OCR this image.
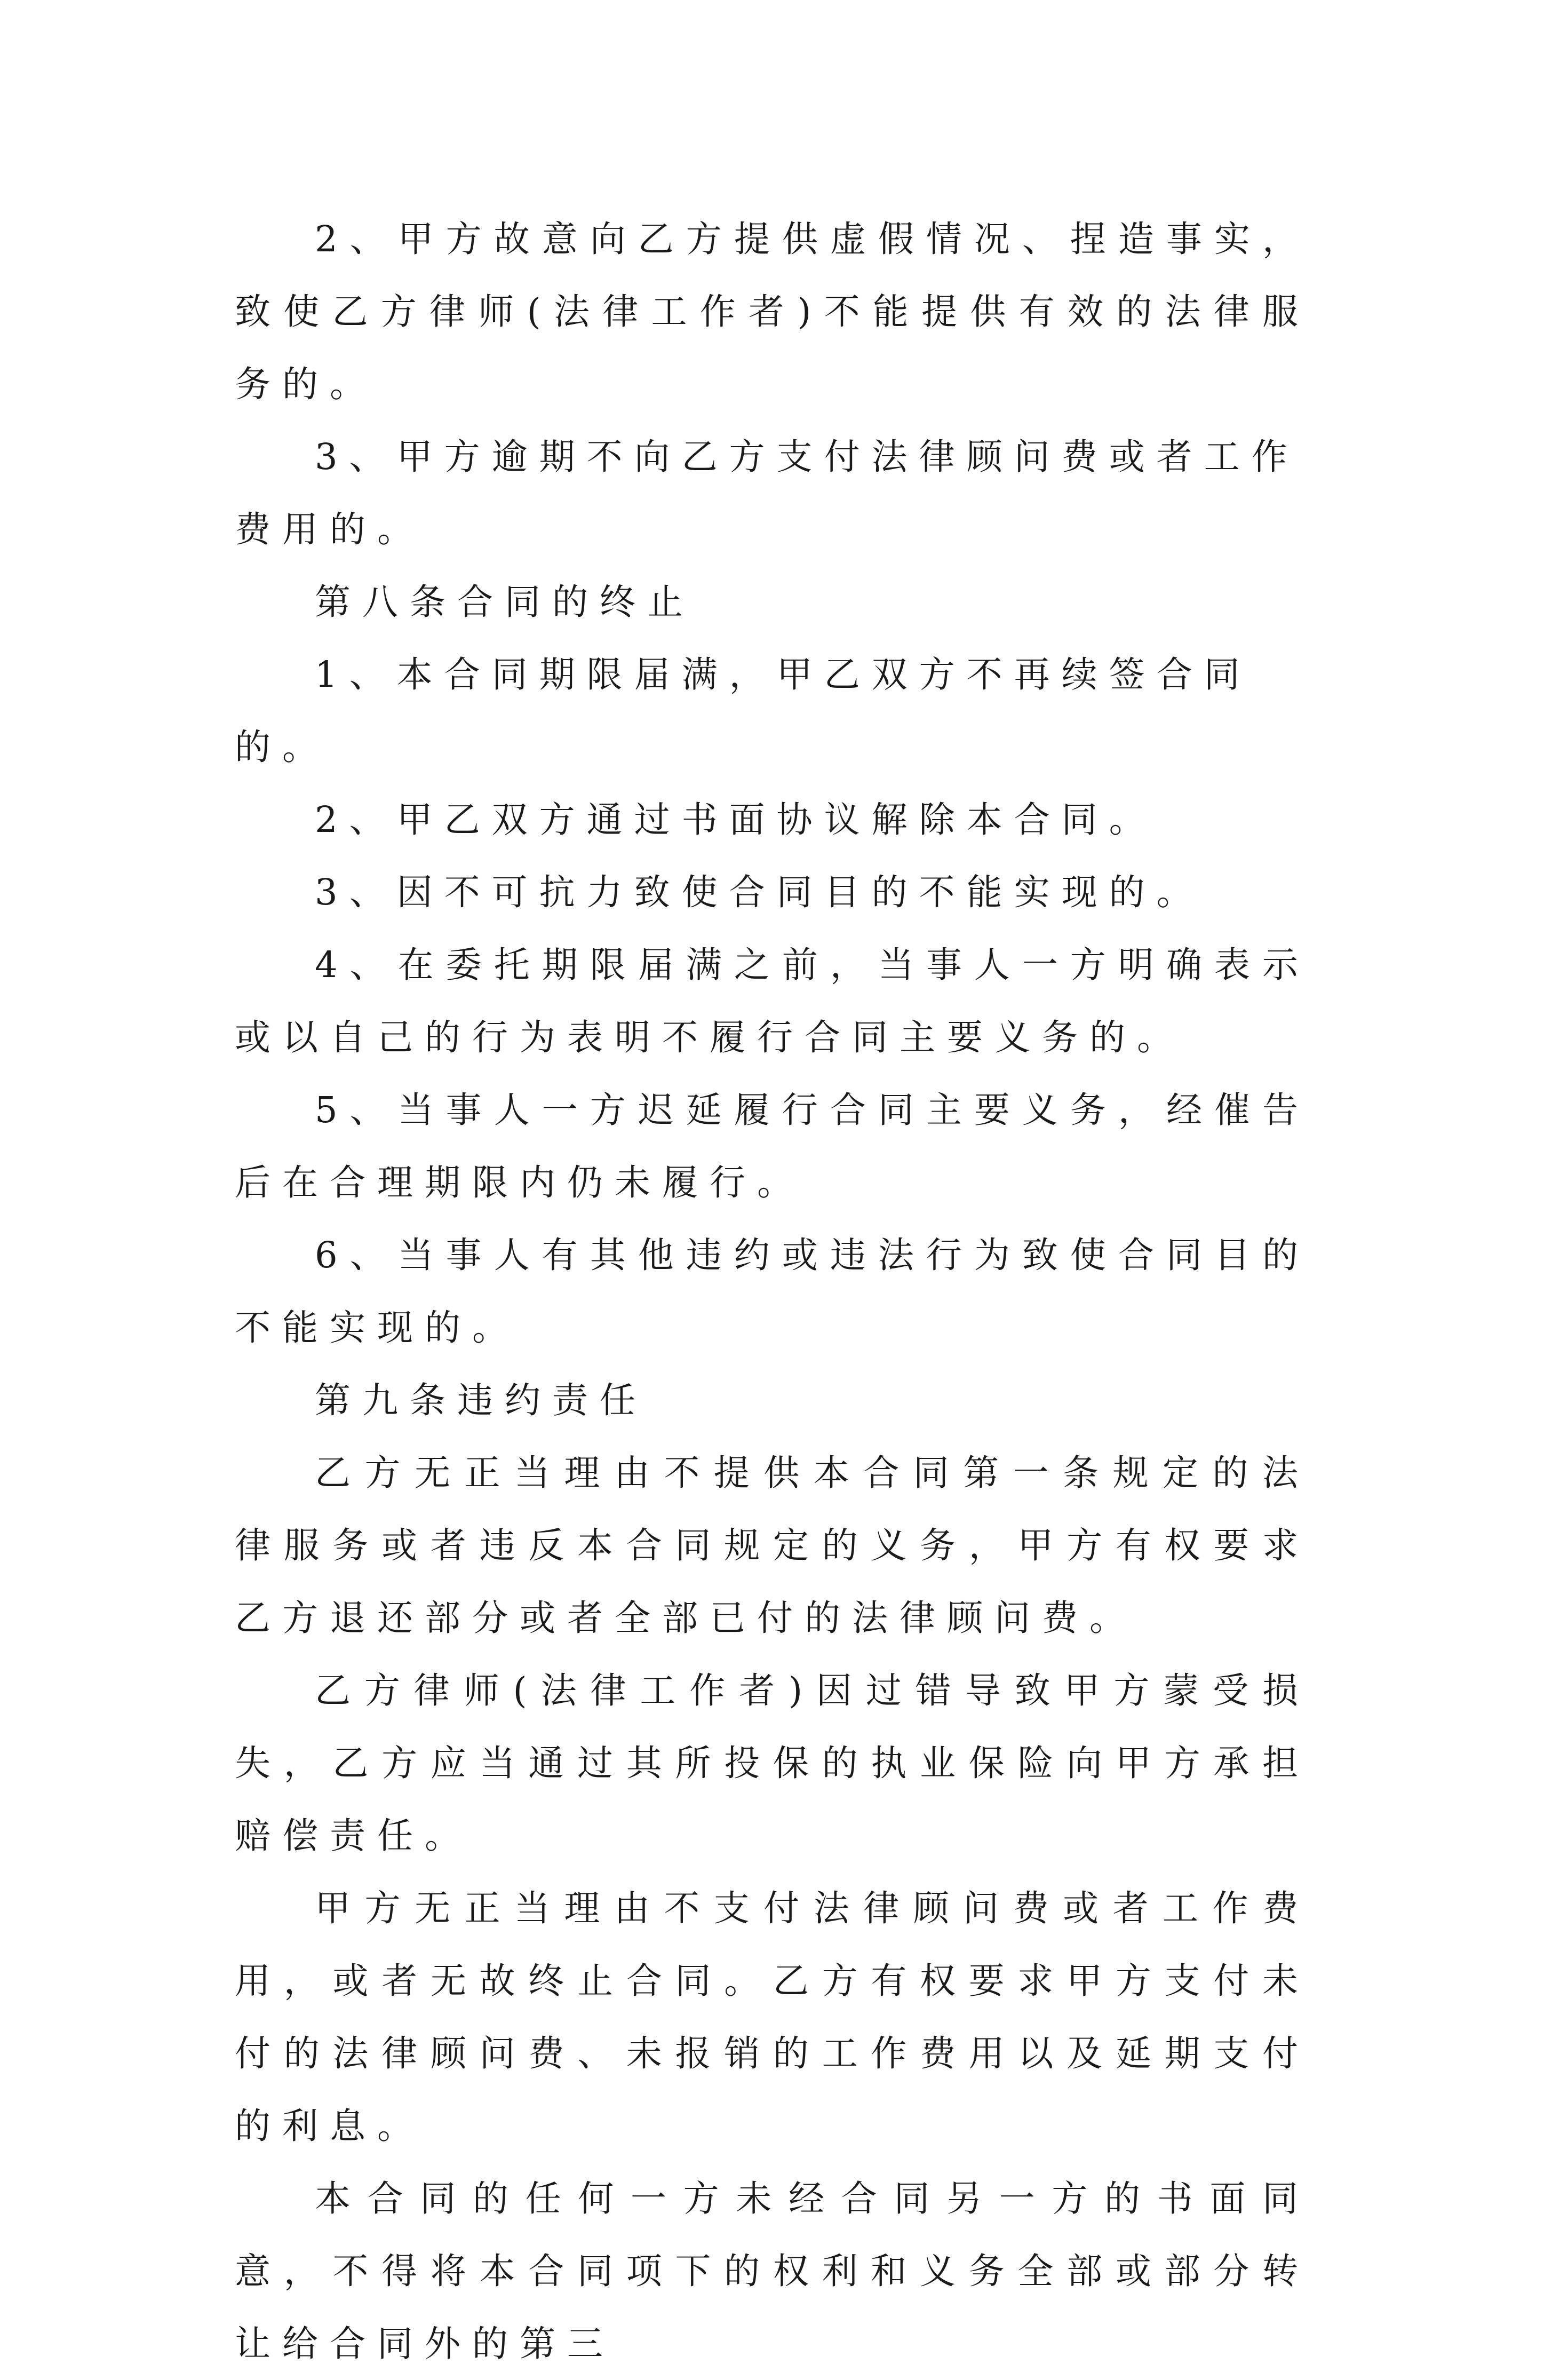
2、甲方故意向乙方提供虚假情况、捏造事实，致使乙方律师(法律工作者)不能提供有效的法律服务的。

3、甲方逾期不向乙方支付法律顾问费或者工作费用的。

第八条合同的终止

1、本合同期限届满，甲乙双方不再续签合同的。

2、甲乙双方通过书面协议解除本合同。

3、因不可抗力致使合同目的不能实现的。

4、在委托期限届满之前，当事人一方明确表示或以自己的行为表明不履行合同主要义务的。

5、当事人一方迟延履行合同主要义务，经催告后在合理期限内仍未履行。

6、当事人有其他违约或违法行为致使合同目的不能实现的。

第九条违约责任

乙方无正当理由不提供本合同第一条规定的法律服务或者违反本合同规定的义务，甲方有权要求乙方退还部分或者全部已付的法律顾问费。

乙方律师(法律工作者)因过错导致甲方蒙受损失，乙方应当通过其所投保的执业保险向甲方承担赔偿责任。

甲方无正当理由不支付法律顾问费或者工作费用，或者无故终止合同。乙方有权要求甲方支付未付的法律顾问费、未报销的工作费用以及延期支付的利息。

本合同的任何一方未经合同另一方的书面同意，不得将本合同项下的权利和义务全部或部分转让给合同外的第三
